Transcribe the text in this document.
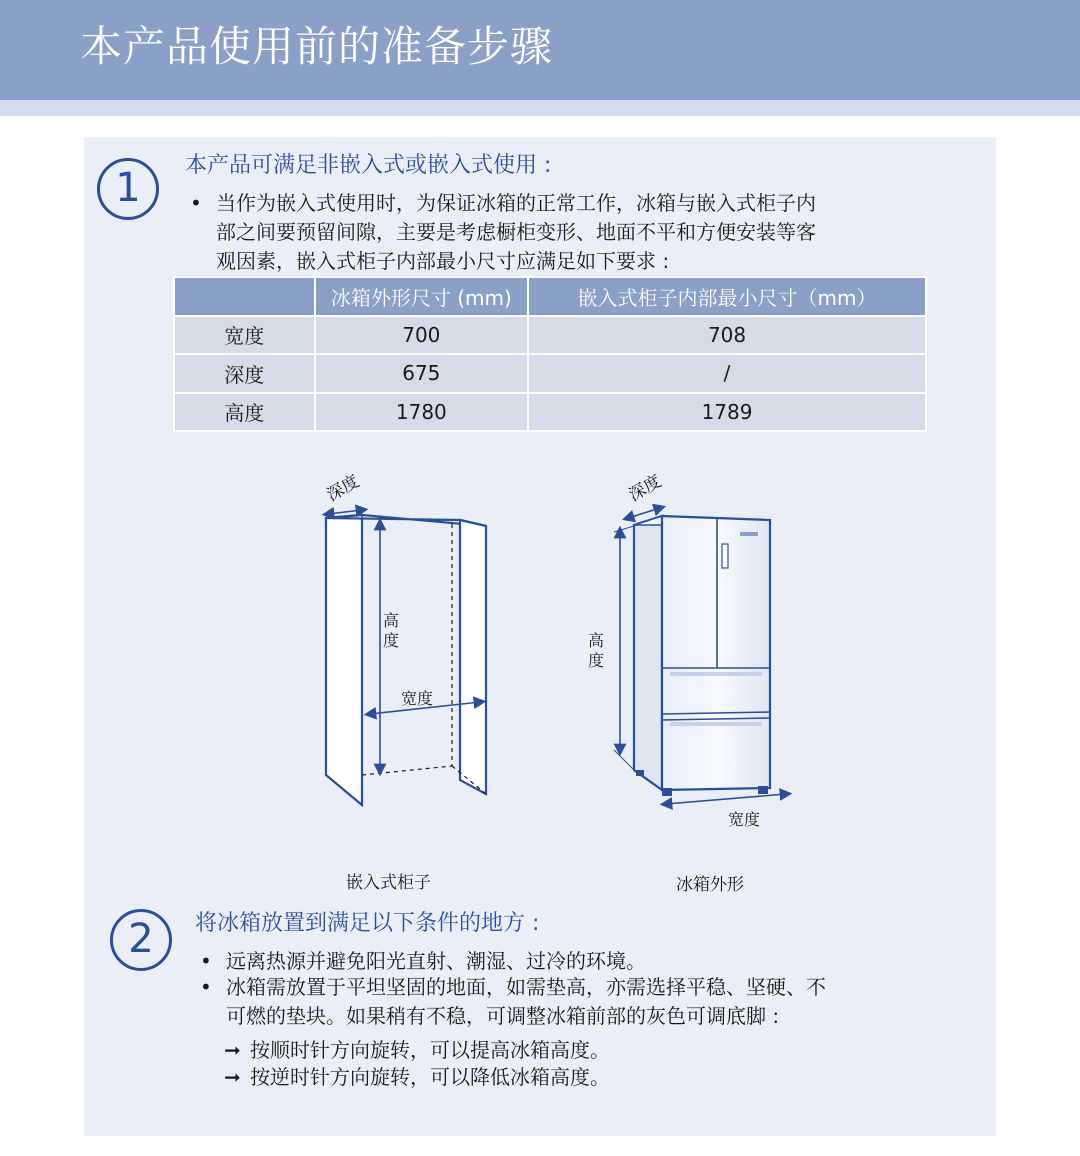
本产品使用前的准备步骤
1	本产品可满足非嵌入式或嵌入式使用 :
• 当作为嵌入式使用时，为保证冰箱的正常工作，冰箱与嵌入式柜子内
部之间要预留间隙，主要是考虑橱柜变形、地面不平和方便安装等客
观因素，嵌入式柜子内部最小尺寸应满足如下要求 :
	冰箱外形尺寸 (mm)	嵌入式柜子内部最小尺寸（mm）
宽度	700	708
深度	675	/
高度	1780	1789
深度
高
度
宽度
嵌入式柜子
深度
高
度
宽度
冰箱外形
2	将冰箱放置到满足以下条件的地方 :
• 远离热源并避免阳光直射、潮湿、过冷的环境。
• 冰箱需放置于平坦坚固的地面，如需垫高，亦需选择平稳、坚硬、不
可燃的垫块。如果稍有不稳，可调整冰箱前部的灰色可调底脚 :
➞ 按顺时针方向旋转，可以提高冰箱高度。
➞ 按逆时针方向旋转，可以降低冰箱高度。
